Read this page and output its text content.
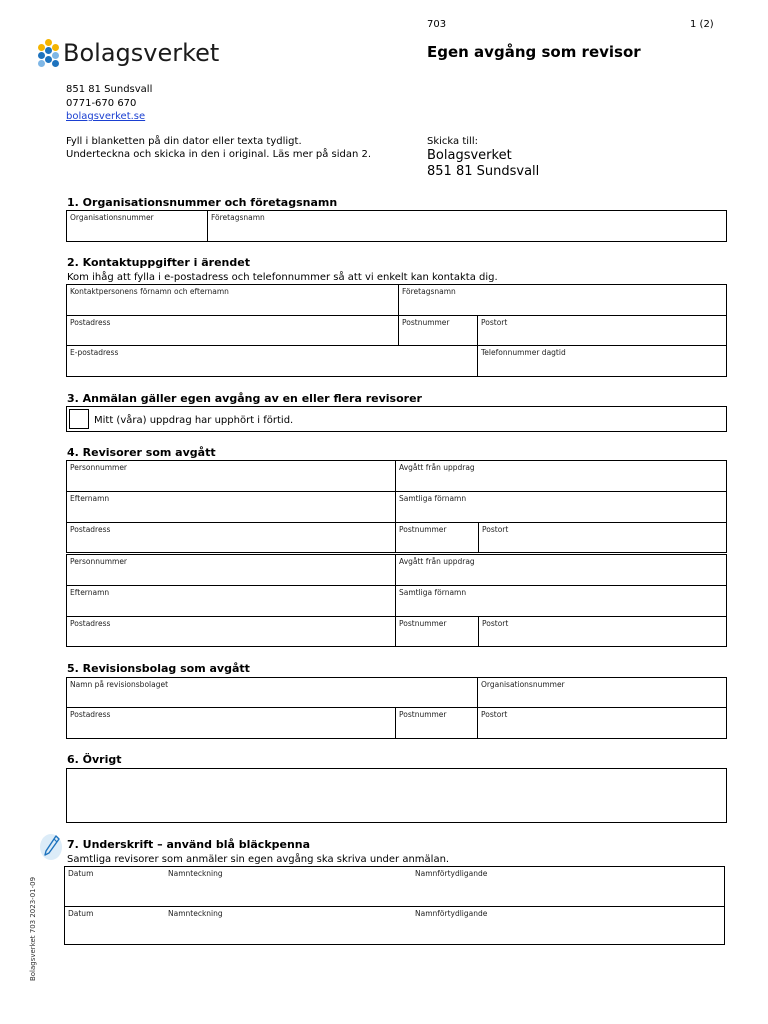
703	1 (2)
Bolagsverket	Egen avgång som revisor
851 81 Sundsvall
0771-670 670
bolagsverket.se
Fyll i blanketten på din dator eller texta tydligt.
Underteckna och skicka in den i original. Läs mer på sidan 2.
Skicka till:
Bolagsverket
851 81 Sundsvall
1. Organisationsnummer och företagsnamn
Organisationsnummer	Företagsnamn
2. Kontaktuppgifter i ärendet
Kom ihåg att fylla i e-postadress och telefonnummer så att vi enkelt kan kontakta dig.
Kontaktpersonens förnamn och efternamn	Företagsnamn
Postadress	Postnummer	Postort
E-postadress	Telefonnummer dagtid
3. Anmälan gäller egen avgång av en eller flera revisorer
Mitt (våra) uppdrag har upphört i förtid.
4. Revisorer som avgått
Personnummer	Avgått från uppdrag
Efternamn	Samtliga förnamn
Postadress	Postnummer	Postort
Personnummer	Avgått från uppdrag
Efternamn	Samtliga förnamn
Postadress	Postnummer	Postort
5. Revisionsbolag som avgått
Namn på revisionsbolaget	Organisationsnummer
Postadress	Postnummer	Postort
6. Övrigt
7. Underskrift – använd blå bläckpenna
Samtliga revisorer som anmäler sin egen avgång ska skriva under anmälan.
Datum	Namnteckning	Namnförtydligande
Datum	Namnteckning	Namnförtydligande
Bolagsverket 703 2023-01-09
